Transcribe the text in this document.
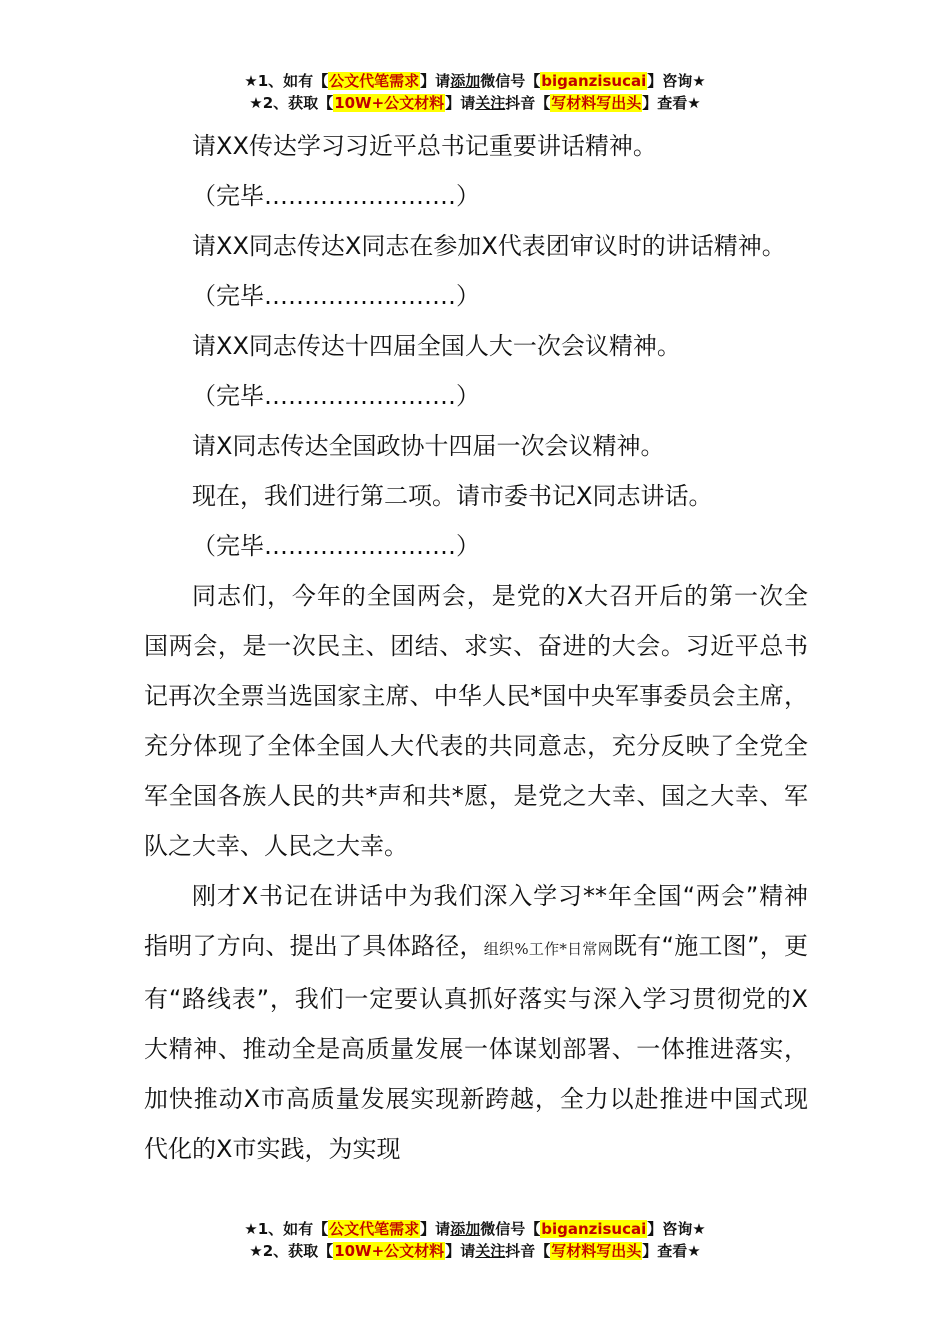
★1、如有【公文代笔需求】请添加微信号【biganzisucai】咨询★
★2、获取【10W+公文材料】请关注抖音【写材料写出头】查看★

请XX传达学习习近平总书记重要讲话精神。

（完毕……………………）

请XX同志传达X同志在参加X代表团审议时的讲话精神。

（完毕……………………）

请XX同志传达十四届全国人大一次会议精神。

（完毕……………………）

请X同志传达全国政协十四届一次会议精神。

现在，我们进行第二项。请市委书记X同志讲话。

（完毕……………………）

同志们，今年的全国两会，是党的X大召开后的第一次全国两会，是一次民主、团结、求实、奋进的大会。习近平总书记再次全票当选国家主席、中华人民*国中央军事委员会主席，充分体现了全体全国人大代表的共同意志，充分反映了全党全军全国各族人民的共*声和共*愿，是党之大幸、国之大幸、军队之大幸、人民之大幸。

刚才X书记在讲话中为我们深入学习**年全国“两会”精神指明了方向、提出了具体路径，组织%工作*日常网既有“施工图”，更有“路线表”，我们一定要认真抓好落实与深入学习贯彻党的X大精神、推动全是高质量发展一体谋划部署、一体推进落实，加快推动X市高质量发展实现新跨越，全力以赴推进中国式现代化的X市实践，为实现

★1、如有【公文代笔需求】请添加微信号【biganzisucai】咨询★
★2、获取【10W+公文材料】请关注抖音【写材料写出头】查看★
